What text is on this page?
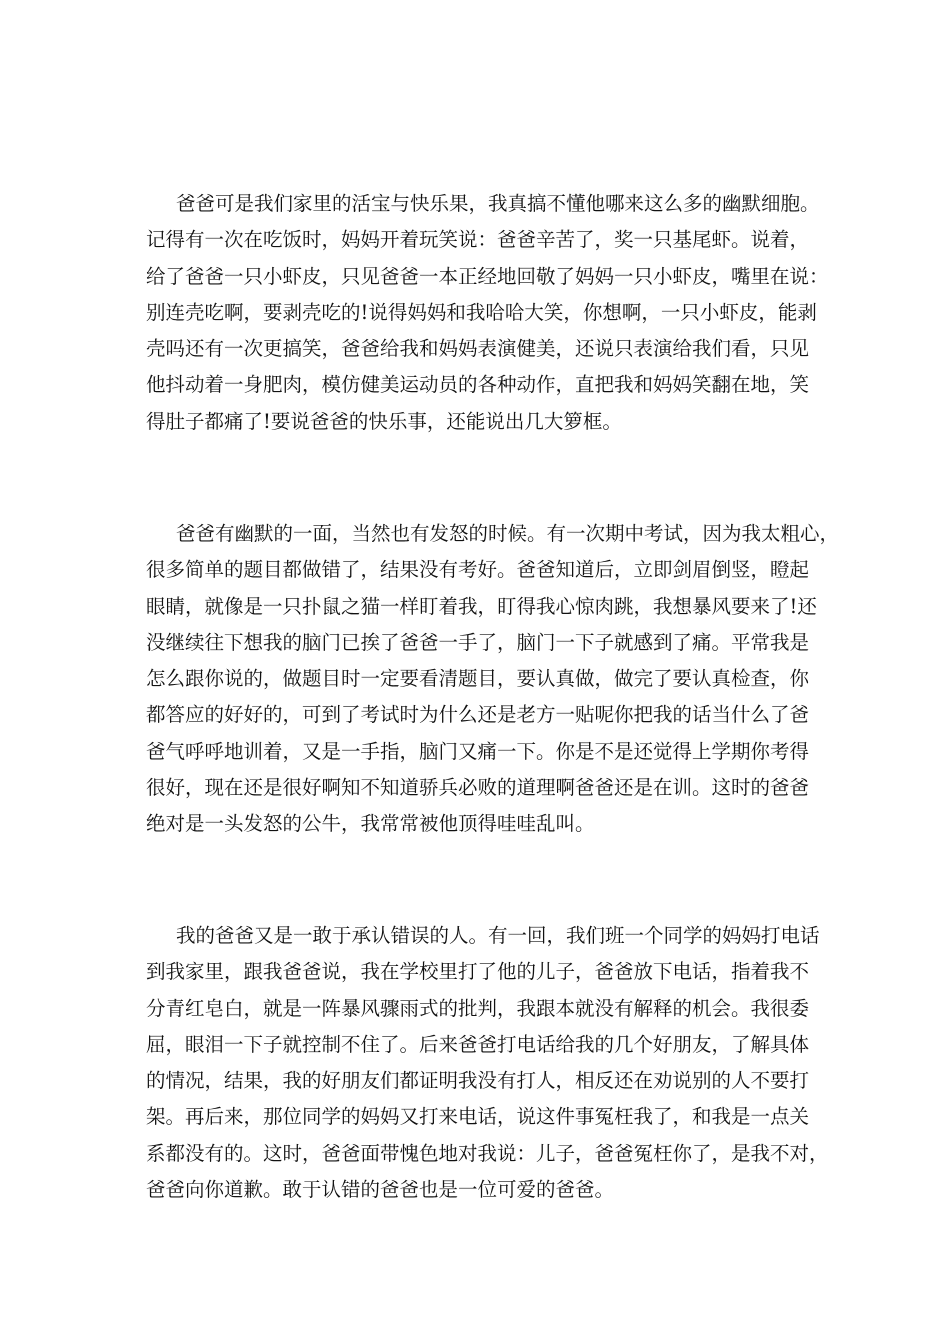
爸爸可是我们家里的活宝与快乐果，我真搞不懂他哪来这么多的幽默细胞。
记得有一次在吃饭时，妈妈开着玩笑说：爸爸辛苦了，奖一只基尾虾。说着，
给了爸爸一只小虾皮，只见爸爸一本正经地回敬了妈妈一只小虾皮，嘴里在说：
别连壳吃啊，要剥壳吃的!说得妈妈和我哈哈大笑，你想啊，一只小虾皮，能剥
壳吗还有一次更搞笑，爸爸给我和妈妈表演健美，还说只表演给我们看，只见
他抖动着一身肥肉，模仿健美运动员的各种动作，直把我和妈妈笑翻在地，笑
得肚子都痛了!要说爸爸的快乐事，还能说出几大箩框。
爸爸有幽默的一面，当然也有发怒的时候。有一次期中考试，因为我太粗心，
很多简单的题目都做错了，结果没有考好。爸爸知道后，立即剑眉倒竖，瞪起
眼睛，就像是一只扑鼠之猫一样盯着我，盯得我心惊肉跳，我想暴风要来了!还
没继续往下想我的脑门已挨了爸爸一手了，脑门一下子就感到了痛。平常我是
怎么跟你说的，做题目时一定要看清题目，要认真做，做完了要认真检查，你
都答应的好好的，可到了考试时为什么还是老方一贴呢你把我的话当什么了爸
爸气呼呼地训着，又是一手指，脑门又痛一下。你是不是还觉得上学期你考得
很好，现在还是很好啊知不知道骄兵必败的道理啊爸爸还是在训。这时的爸爸
绝对是一头发怒的公牛，我常常被他顶得哇哇乱叫。
我的爸爸又是一敢于承认错误的人。有一回，我们班一个同学的妈妈打电话
到我家里，跟我爸爸说，我在学校里打了他的儿子，爸爸放下电话，指着我不
分青红皂白，就是一阵暴风骤雨式的批判，我跟本就没有解释的机会。我很委
屈，眼泪一下子就控制不住了。后来爸爸打电话给我的几个好朋友，了解具体
的情况，结果，我的好朋友们都证明我没有打人，相反还在劝说别的人不要打
架。再后来，那位同学的妈妈又打来电话，说这件事冤枉我了，和我是一点关
系都没有的。这时，爸爸面带愧色地对我说：儿子，爸爸冤枉你了，是我不对，
爸爸向你道歉。敢于认错的爸爸也是一位可爱的爸爸。
